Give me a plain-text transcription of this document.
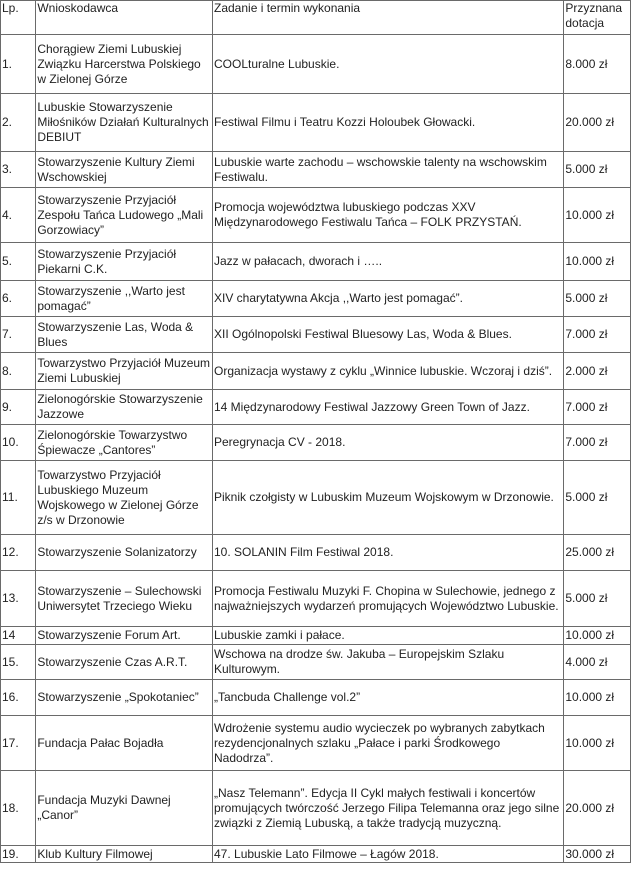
Lp.	Wnioskodawca	Zadanie i termin wykonania	Przyznana dotacja
1.	Chorągiew Ziemi Lubuskiej Związku Harcerstwa Polskiego w Zielonej Górze	COOLturalne Lubuskie.	8.000 zł
2.	Lubuskie Stowarzyszenie Miłośników Działań Kulturalnych DEBIUT	Festiwal Filmu i Teatru Kozzi Holoubek Głowacki.	20.000 zł
3.	Stowarzyszenie Kultury Ziemi Wschowskiej	Lubuskie warte zachodu – wschowskie talenty na wschowskim Festiwalu.	5.000 zł
4.	Stowarzyszenie Przyjaciół Zespołu Tańca Ludowego „Mali Gorzowiacy”	Promocja województwa lubuskiego podczas XXV Międzynarodowego Festiwalu Tańca – FOLK PRZYSTAŃ.	10.000 zł
5.	Stowarzyszenie Przyjaciół Piekarni C.K.	Jazz w pałacach, dworach i …..	10.000 zł
6.	Stowarzyszenie ,,Warto jest pomagać”	XIV charytatywna Akcja ,,Warto jest pomagać”.	5.000 zł
7.	Stowarzyszenie Las, Woda & Blues	XII Ogólnopolski Festiwal Bluesowy Las, Woda & Blues.	7.000 zł
8.	Towarzystwo Przyjaciół Muzeum Ziemi Lubuskiej	Organizacja wystawy z cyklu „Winnice lubuskie. Wczoraj i dziś”.	2.000 zł
9.	Zielonogórskie Stowarzyszenie Jazzowe	14 Międzynarodowy Festiwal Jazzowy Green Town of Jazz.	7.000 zł
10.	Zielonogórskie Towarzystwo Śpiewacze „Cantores”	Peregrynacja CV - 2018.	7.000 zł
11.	Towarzystwo Przyjaciół Lubuskiego Muzeum Wojskowego w Zielonej Górze z/s w Drzonowie	Piknik czołgisty w Lubuskim Muzeum Wojskowym w Drzonowie.	5.000 zł
12.	Stowarzyszenie Solanizatorzy	10. SOLANIN Film Festiwal 2018.	25.000 zł
13.	Stowarzyszenie – Sulechowski Uniwersytet Trzeciego Wieku	Promocja Festiwalu Muzyki F. Chopina w Sulechowie, jednego z najważniejszych wydarzeń promujących Województwo Lubuskie.	5.000 zł
14	Stowarzyszenie Forum Art.	Lubuskie zamki i pałace.	10.000 zł
15.	Stowarzyszenie Czas A.R.T.	Wschowa na drodze św. Jakuba – Europejskim Szlaku Kulturowym.	4.000 zł
16.	Stowarzyszenie „Spokotaniec”	„Tancbuda Challenge vol.2”	10.000 zł
17.	Fundacja Pałac Bojadła	Wdrożenie systemu audio wycieczek po wybranych zabytkach rezydencjonalnych szlaku „Pałace i parki Środkowego Nadodrza”.	10.000 zł
18.	Fundacja Muzyki Dawnej „Canor”	„Nasz Telemann”. Edycja II Cykl małych festiwali i koncertów promujących twórczość Jerzego Filipa Telemanna oraz jego silne związki z Ziemią Lubuską, a także tradycją muzyczną.	20.000 zł
19.	Klub Kultury Filmowej	47. Lubuskie Lato Filmowe – Łagów 2018.	30.000 zł
